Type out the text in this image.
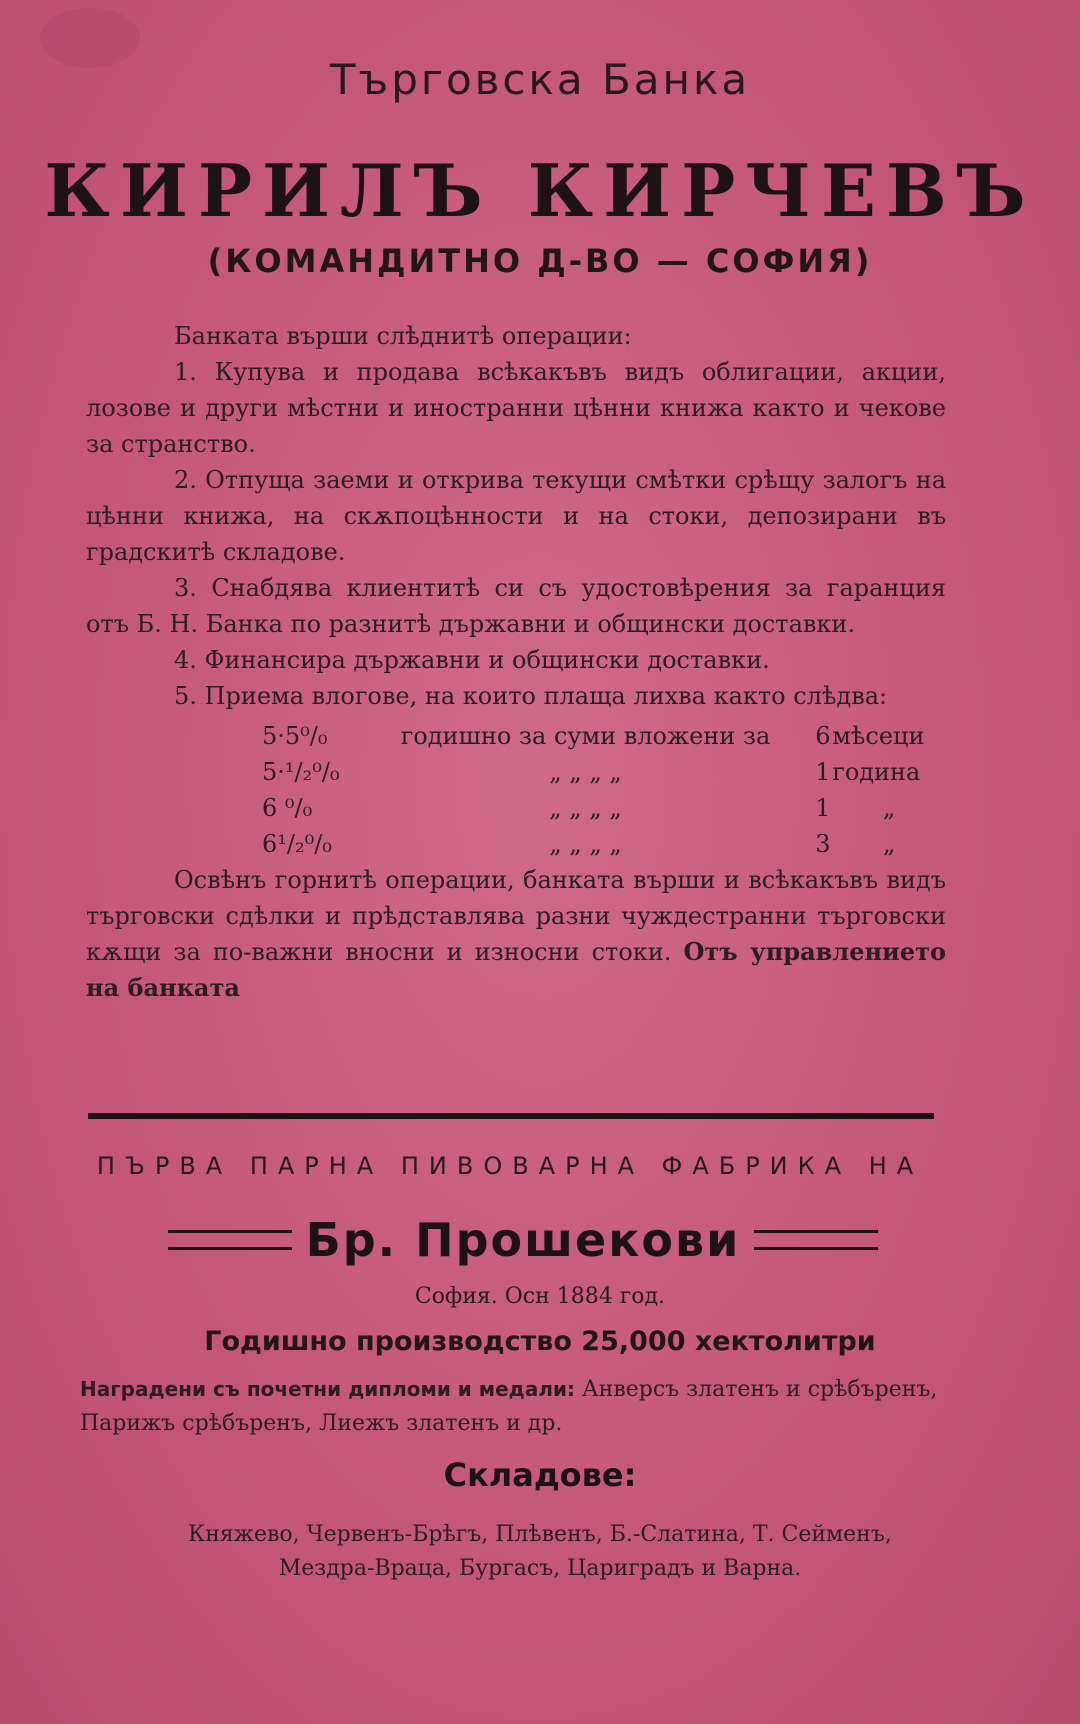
Търговска Банка
КИРИЛЪ КИРЧЕВЪ
(КОМАНДИТНО Д-ВО — СОФИЯ)

Банката върши слѣднитѣ операции:

1. Купува и продава всѣкакъвъ видъ облигации, акции, лозове и други мѣстни и иностранни цѣнни книжа както и чекове за странство.

2. Отпуща заеми и открива текущи смѣтки срѣщу залогъ на цѣнни книжа, на скѫпоцѣнности и на стоки, депозирани въ градскитѣ складове.

3. Снабдява клиентитѣ си съ удостовѣрения за гаранция отъ Б. Н. Банка по разнитѣ държавни и общински доставки.

4. Финансира държавни и общински доставки.

5. Приема влогове, на които плаща лихва както слѣдва:

5·5⁰/₀	годишно за суми вложени за	6	мѣсеци
5·¹/₂⁰/₀	„ „ „ „	1	година
6 ⁰/₀	„ „ „ „	1	„
6¹/₂⁰/₀	„ „ „ „	3	„

Освѣнъ горнитѣ операции, банката върши и всѣкакъвъ видъ търговски сдѣлки и прѣдставлява разни чуждестранни търговски кѫщи за по-важни вносни и износни стоки. Отъ управлението на банката

ПЪРВА ПАРНА ПИВОВАРНА ФАБРИКА НА
Бр. Прошекови
София. Осн 1884 год.
Годишно производство 25,000 хектолитри
Наградени съ почетни дипломи и медали: Анверсъ златенъ и срѣбъренъ, Парижъ срѣбъренъ, Лиежъ златенъ и др.
Складове:
Княжево, Червенъ-Брѣгъ, Плѣвенъ, Б.-Слатина, Т. Сейменъ,
Мездра-Враца, Бургасъ, Цариградъ и Варна.
